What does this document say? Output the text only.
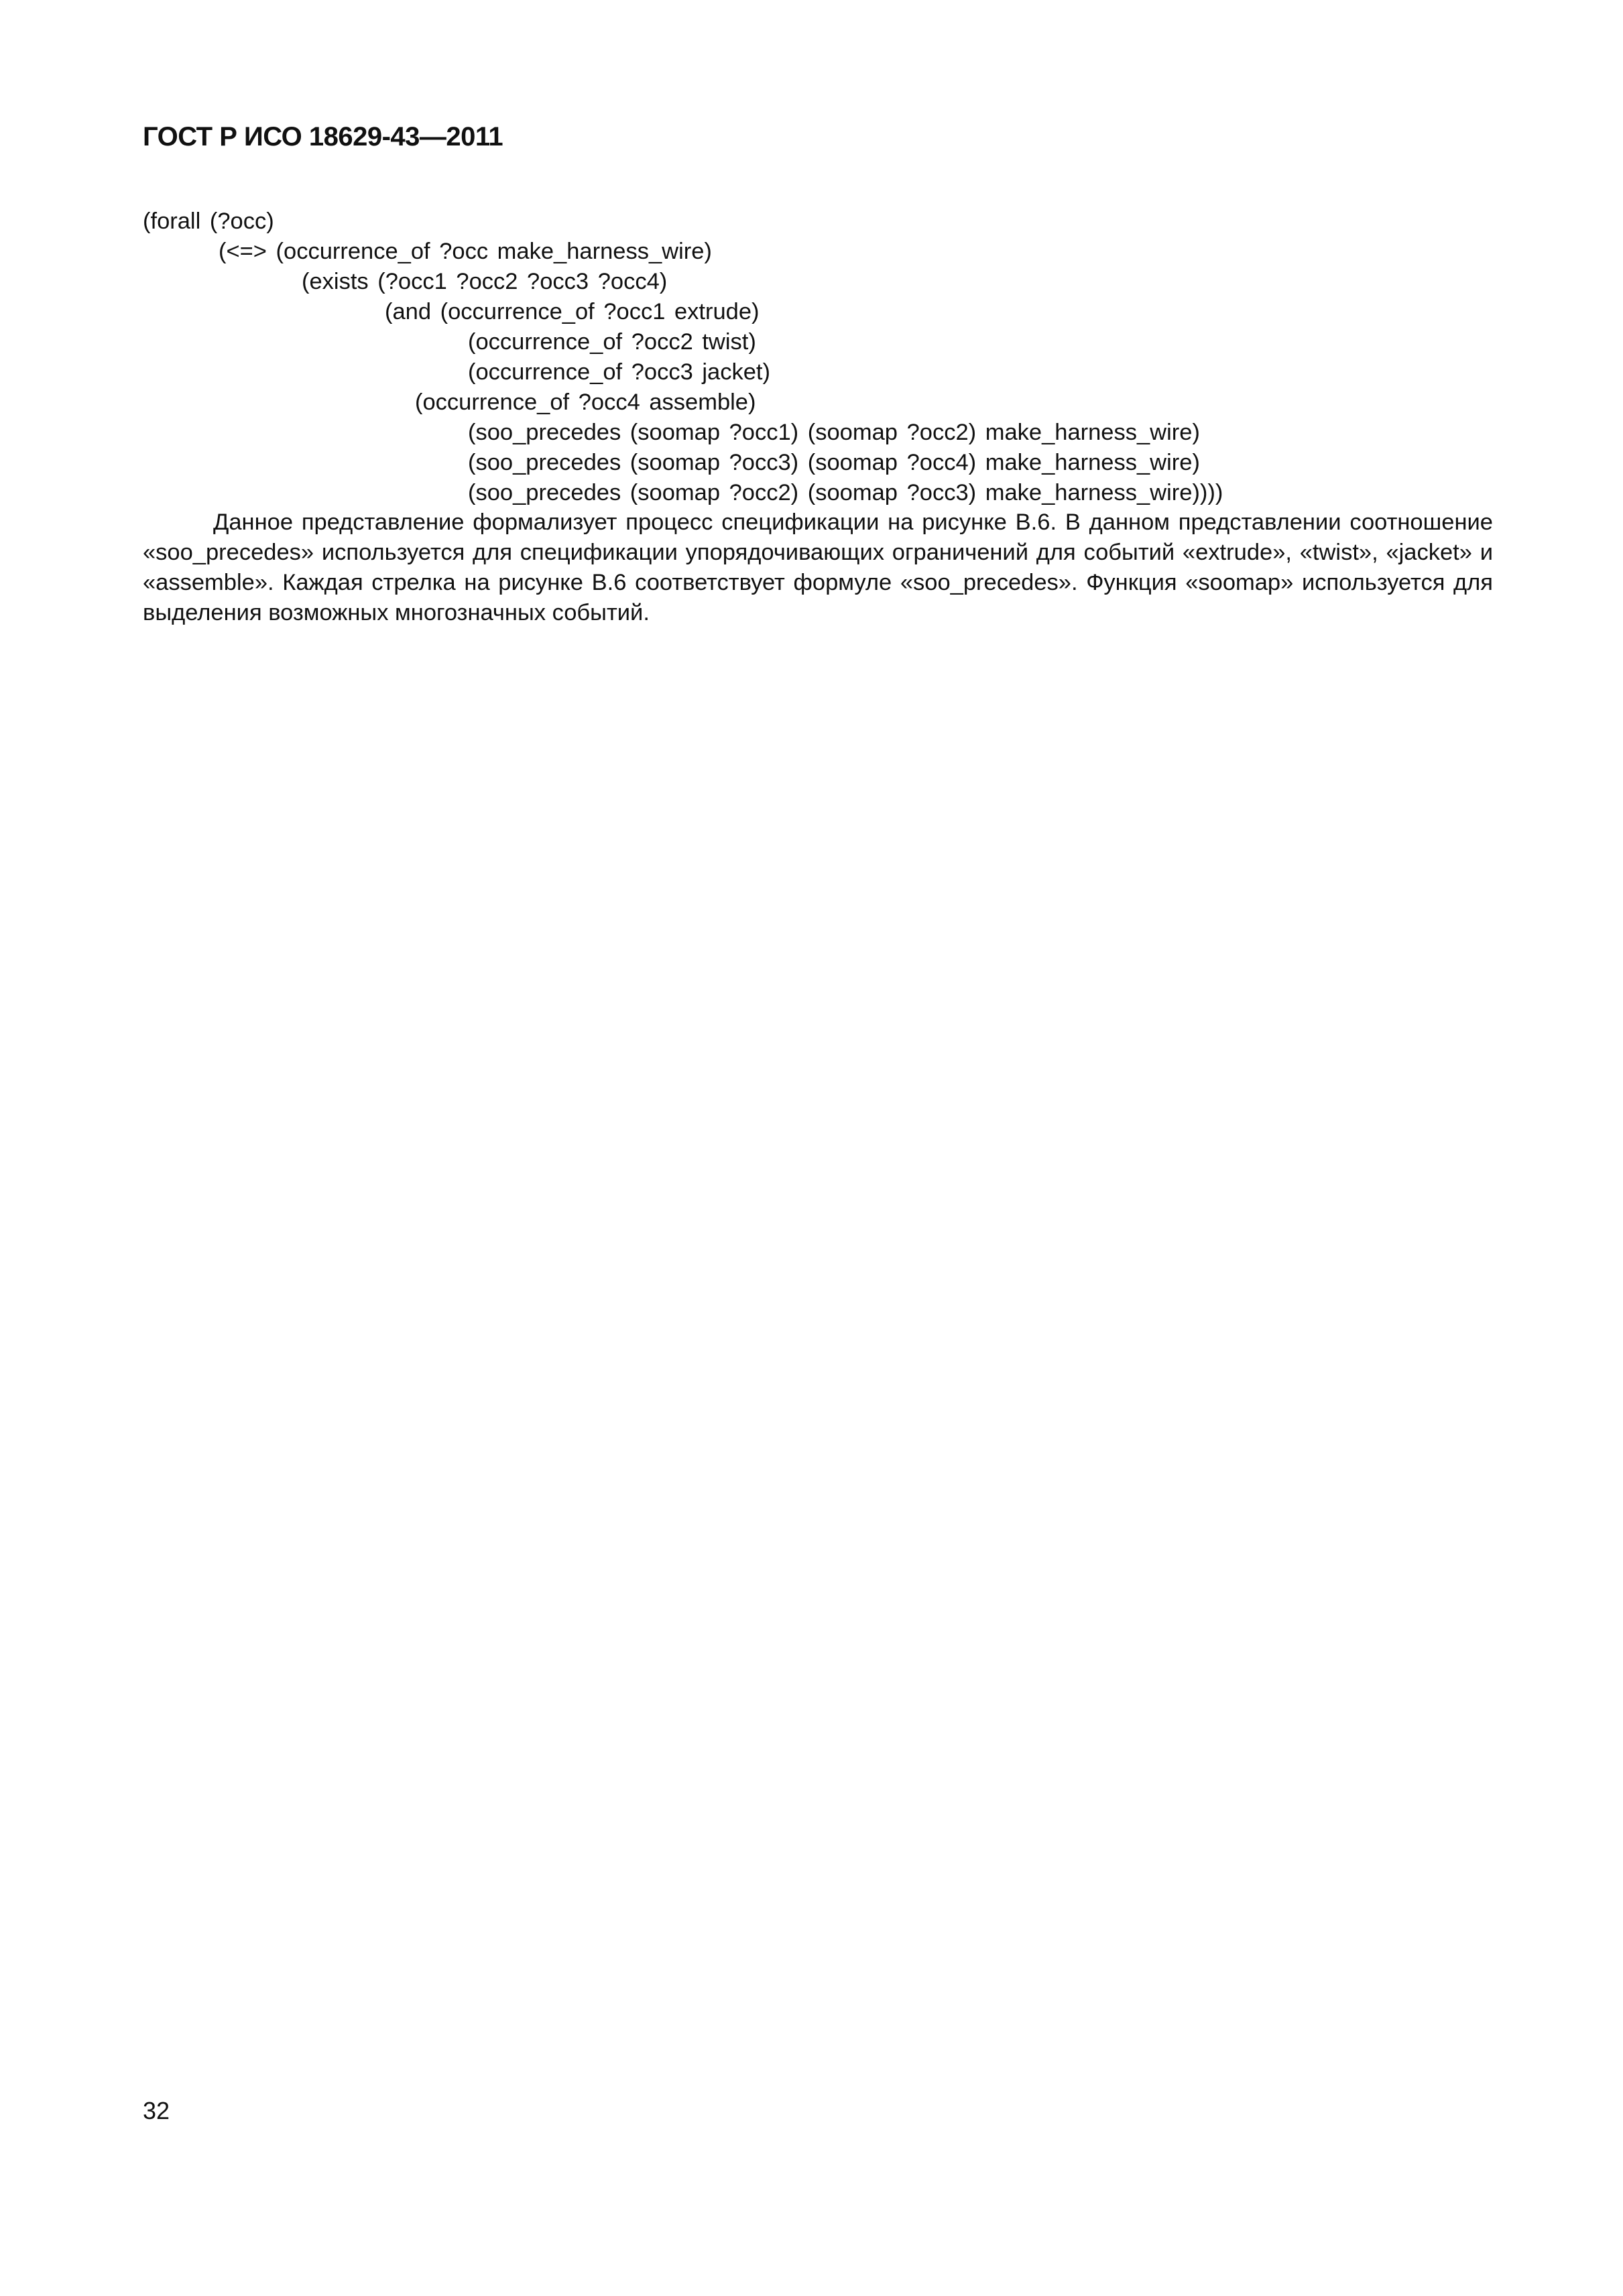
ГОСТ Р ИСО 18629-43—2011
(forall (?occ)
(<=> (occurrence_of ?occ make_harness_wire)
(exists (?occ1 ?occ2 ?occ3 ?occ4)
(and (occurrence_of ?occ1 extrude)
(occurrence_of ?occ2 twist)
(occurrence_of ?occ3 jacket)
(occurrence_of ?occ4 assemble)
(soo_precedes (soomap ?occ1) (soomap ?occ2) make_harness_wire)
(soo_precedes (soomap ?occ3) (soomap ?occ4) make_harness_wire)
(soo_precedes (soomap ?occ2) (soomap ?occ3) make_harness_wire))))

Данное представление формализует процесс спецификации на рисунке В.6. В данном представлении соотношение «soo_precedes» используется для спецификации упорядочивающих ограничений для событий «extrude», «twist», «jacket» и «assemble». Каждая стрелка на рисунке В.6 соответствует формуле «soo_precedes». Функция «soomap» используется для выделения возможных многозначных событий.

32
